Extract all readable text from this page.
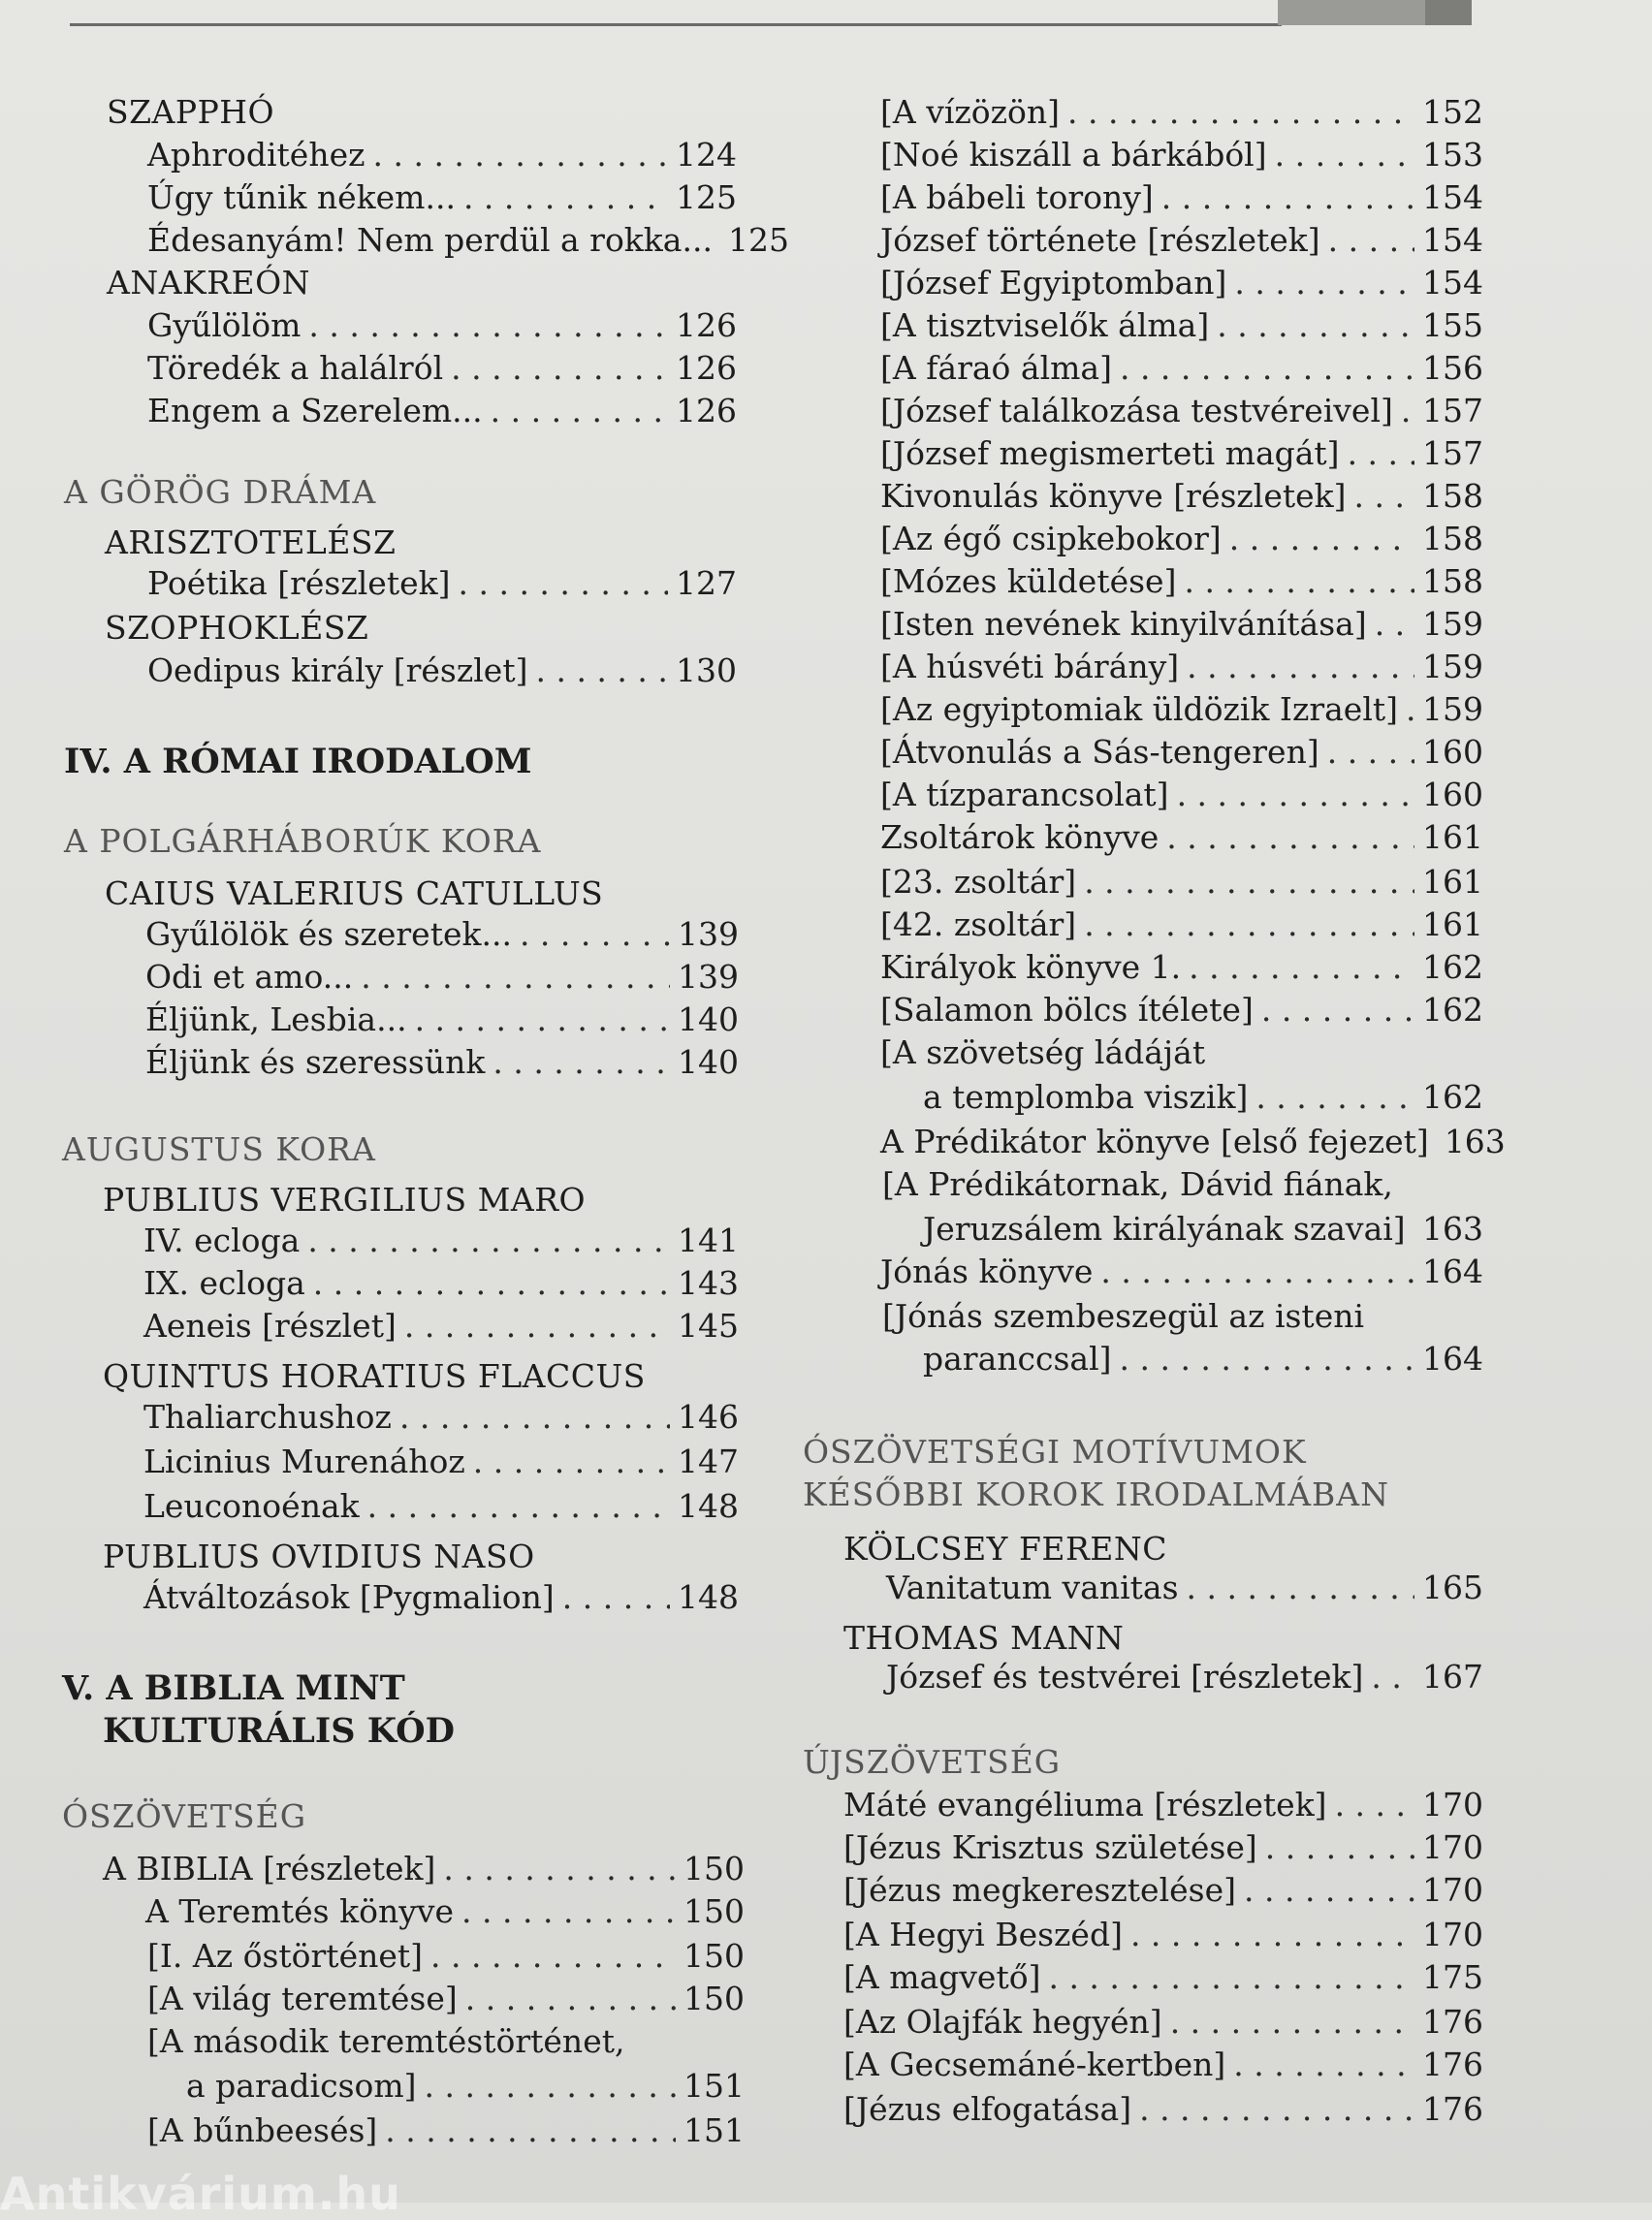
SZAPPHÓ
Aphroditéhez . . .	124
Úgy tűnik nékem... . . .	125
Édesanyám! Nem perdül a rokka... 125
ANAKREÓN
Gyűlölöm . . .	126
Töredék a halálról . . .	126
Engem a Szerelem... . . .	126
A GÖRÖG DRÁMA
ARISZTOTELÉSZ
Poétika [részletek] . . .	127
SZOPHOKLÉSZ
Oedipus király [részlet] . . .	130
IV. A RÓMAI IRODALOM
A POLGÁRHÁBORÚK KORA
CAIUS VALERIUS CATULLUS
Gyűlölök és szeretek... . . .	139
Odi et amo... . . .	139
Éljünk, Lesbia... . . .	140
Éljünk és szeressünk . . .	140
AUGUSTUS KORA
PUBLIUS VERGILIUS MARO
IV. ecloga . . .	141
IX. ecloga . . .	143
Aeneis [részlet] . . .	145
QUINTUS HORATIUS FLACCUS
Thaliarchushoz . . .	146
Licinius Murenához . . .	147
Leuconoénak . . .	148
PUBLIUS OVIDIUS NASO
Átváltozások [Pygmalion] . . .	148
V. A BIBLIA MINT
KULTURÁLIS KÓD
ÓSZÖVETSÉG
A BIBLIA [részletek] . . .	150
A Teremtés könyve . . .	150
[I. Az őstörténet] . . .	150
[A világ teremtése] . . .	150
[A második teremtéstörténet,
a paradicsom] . . .	151
[A bűnbeesés] . . .	151
[A vízözön] . . .	152
[Noé kiszáll a bárkából] . . .	153
[A bábeli torony] . . .	154
József története [részletek] . . .	154
[József Egyiptomban] . . .	154
[A tisztviselők álma] . . .	155
[A fáraó álma] . . .	156
[József találkozása testvéreivel] . . . 157
[József megismerteti magát] . . .	157
Kivonulás könyve [részletek] . . . 158
[Az égő csipkebokor] . . .	158
[Mózes küldetése] . . .	158
[Isten nevének kinyilvánítása] . . . 159
[A húsvéti bárány] . . .	159
[Az egyiptomiak üldözik Izraelt] . . . 159
[Átvonulás a Sás-tengeren] . . .	160
[A tízparancsolat] . . .	160
Zsoltárok könyve . . .	161
[23. zsoltár] . . .	161
[42. zsoltár] . . .	161
Királyok könyve 1. . . .	162
[Salamon bölcs ítélete] . . .	162
[A szövetség ládáját
a templomba viszik] . . .	162
A Prédikátor könyve [első fejezet] 163
[A Prédikátornak, Dávid fiának,
Jeruzsálem királyának szavai] . . . 163
Jónás könyve . . .	164
[Jónás szembeszegül az isteni
paranccsal] . . .	164
ÓSZÖVETSÉGI MOTÍVUMOK
KÉSŐBBI KOROK IRODALMÁBAN
KÖLCSEY FERENC
Vanitatum vanitas . . .	165
THOMAS MANN
József és testvérei [részletek] . . . 167
ÚJSZÖVETSÉG
Máté evangéliuma [részletek] . . .	170
[Jézus Krisztus születése] . . .	170
[Jézus megkeresztelése] . . .	170
[A Hegyi Beszéd] . . .	170
[A magvető] . . .	175
[Az Olajfák hegyén] . . .	176
[A Gecsemáné-kertben] . . .	176
[Jézus elfogatása] . . .	176
Antikvárium.hu
